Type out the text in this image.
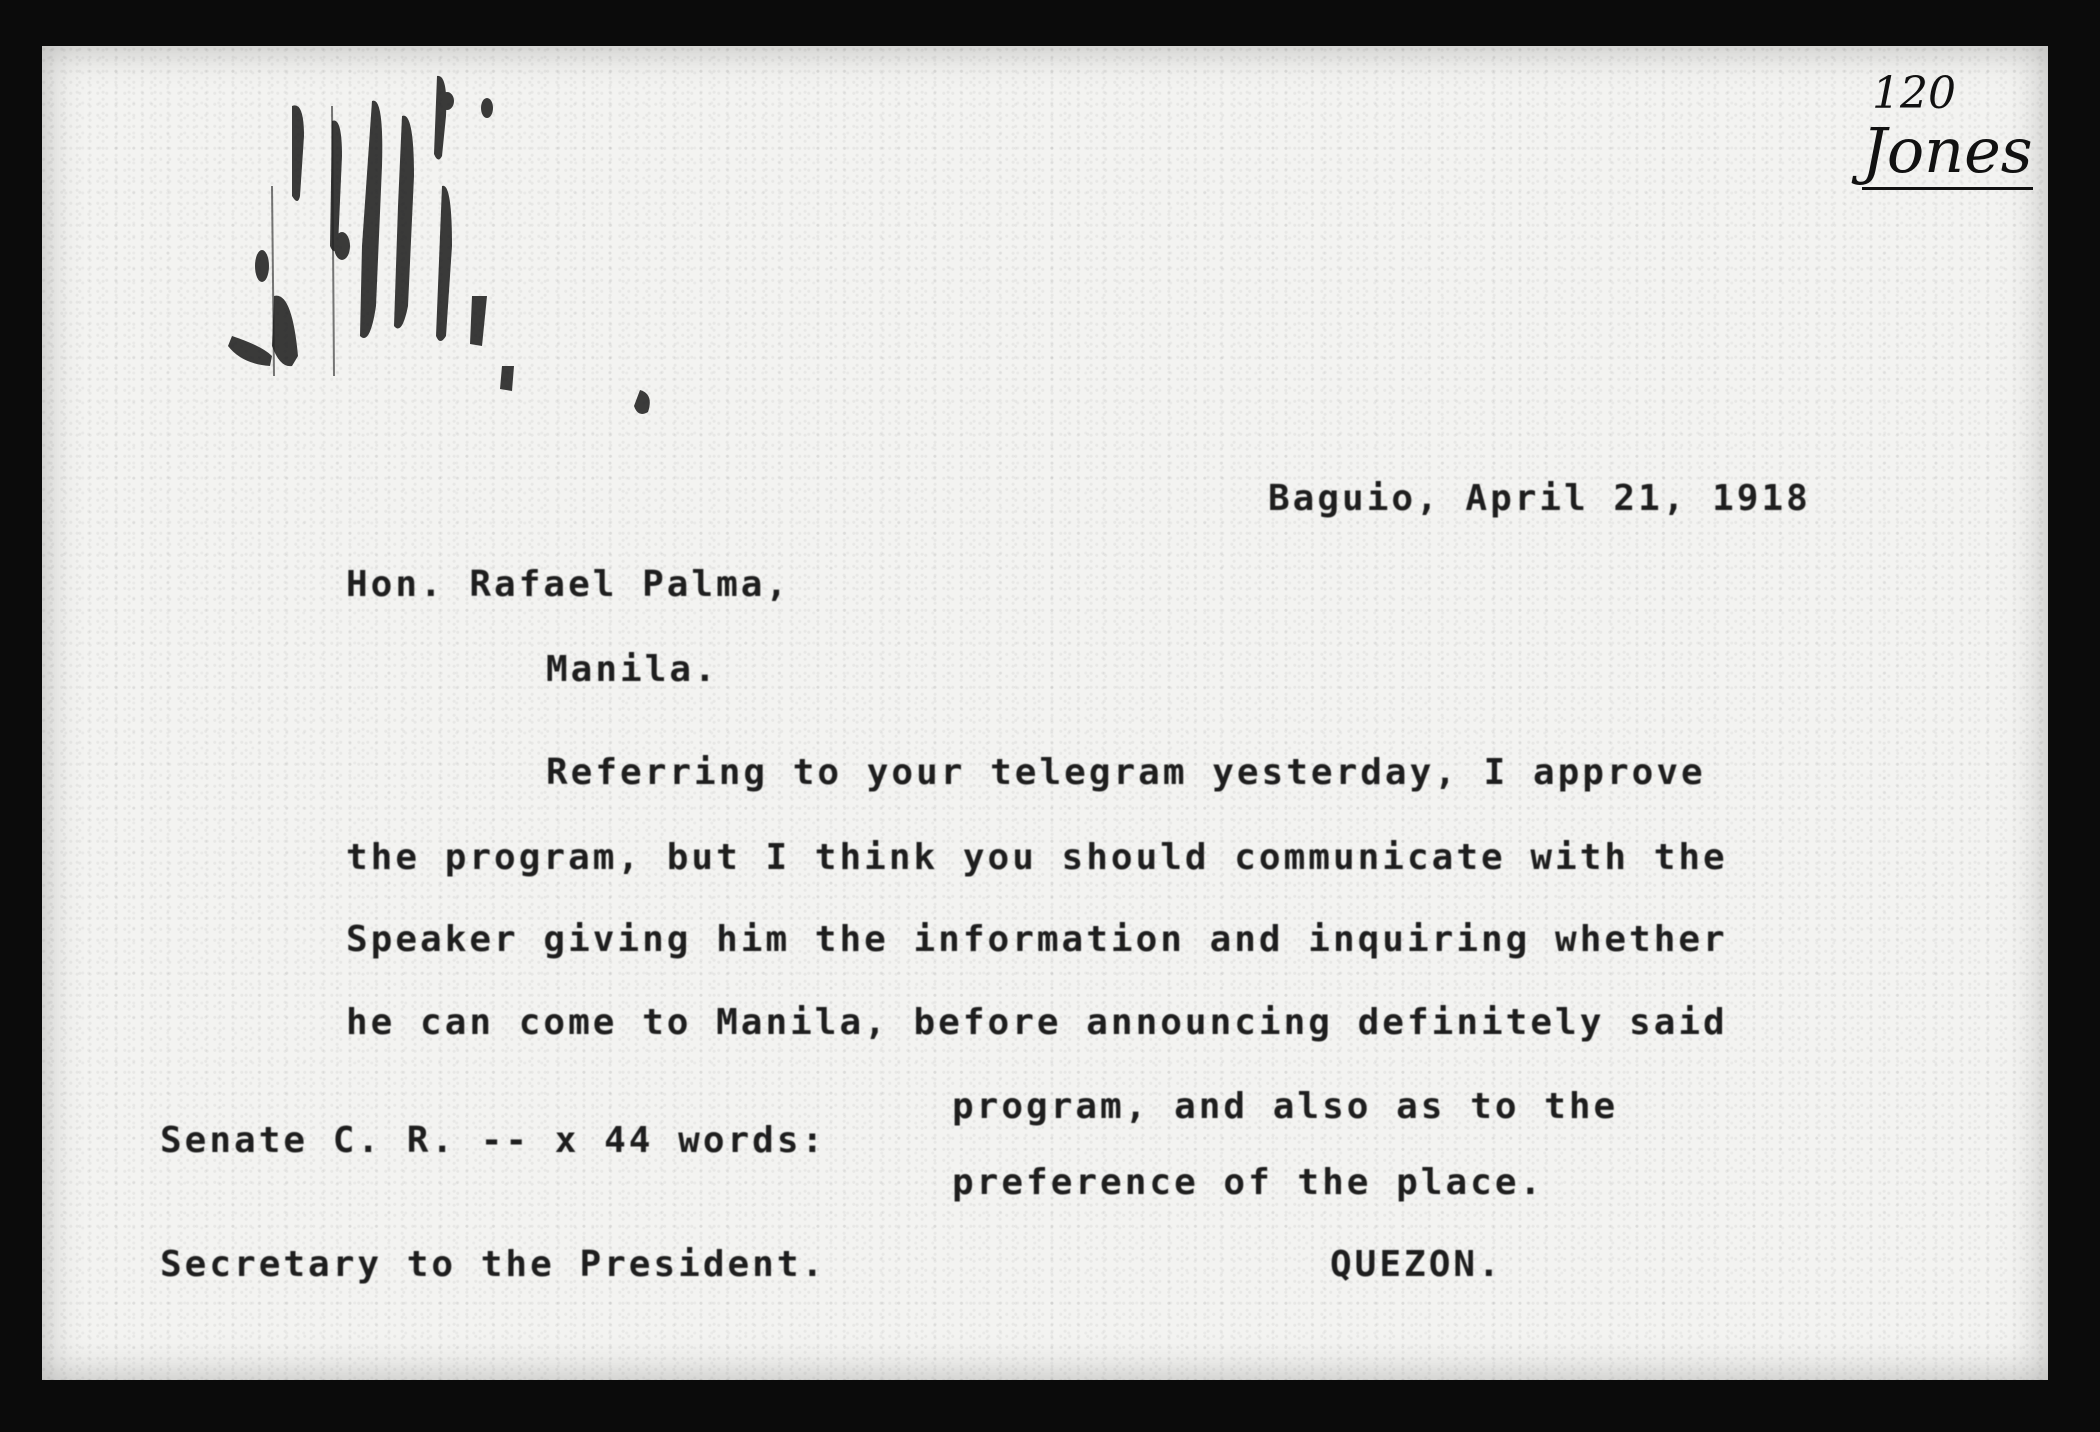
120
Jones
Baguio, April 21, 1918
Hon. Rafael Palma,
Manila.
Referring to your telegram yesterday, I approve
the program, but I think you should communicate with the
Speaker giving him the information and inquiring whether
he can come to Manila, before announcing definitely said
program, and also as to the
Senate C. R. -- x 44 words:
preference of the place.
Secretary to the President.	QUEZON.
